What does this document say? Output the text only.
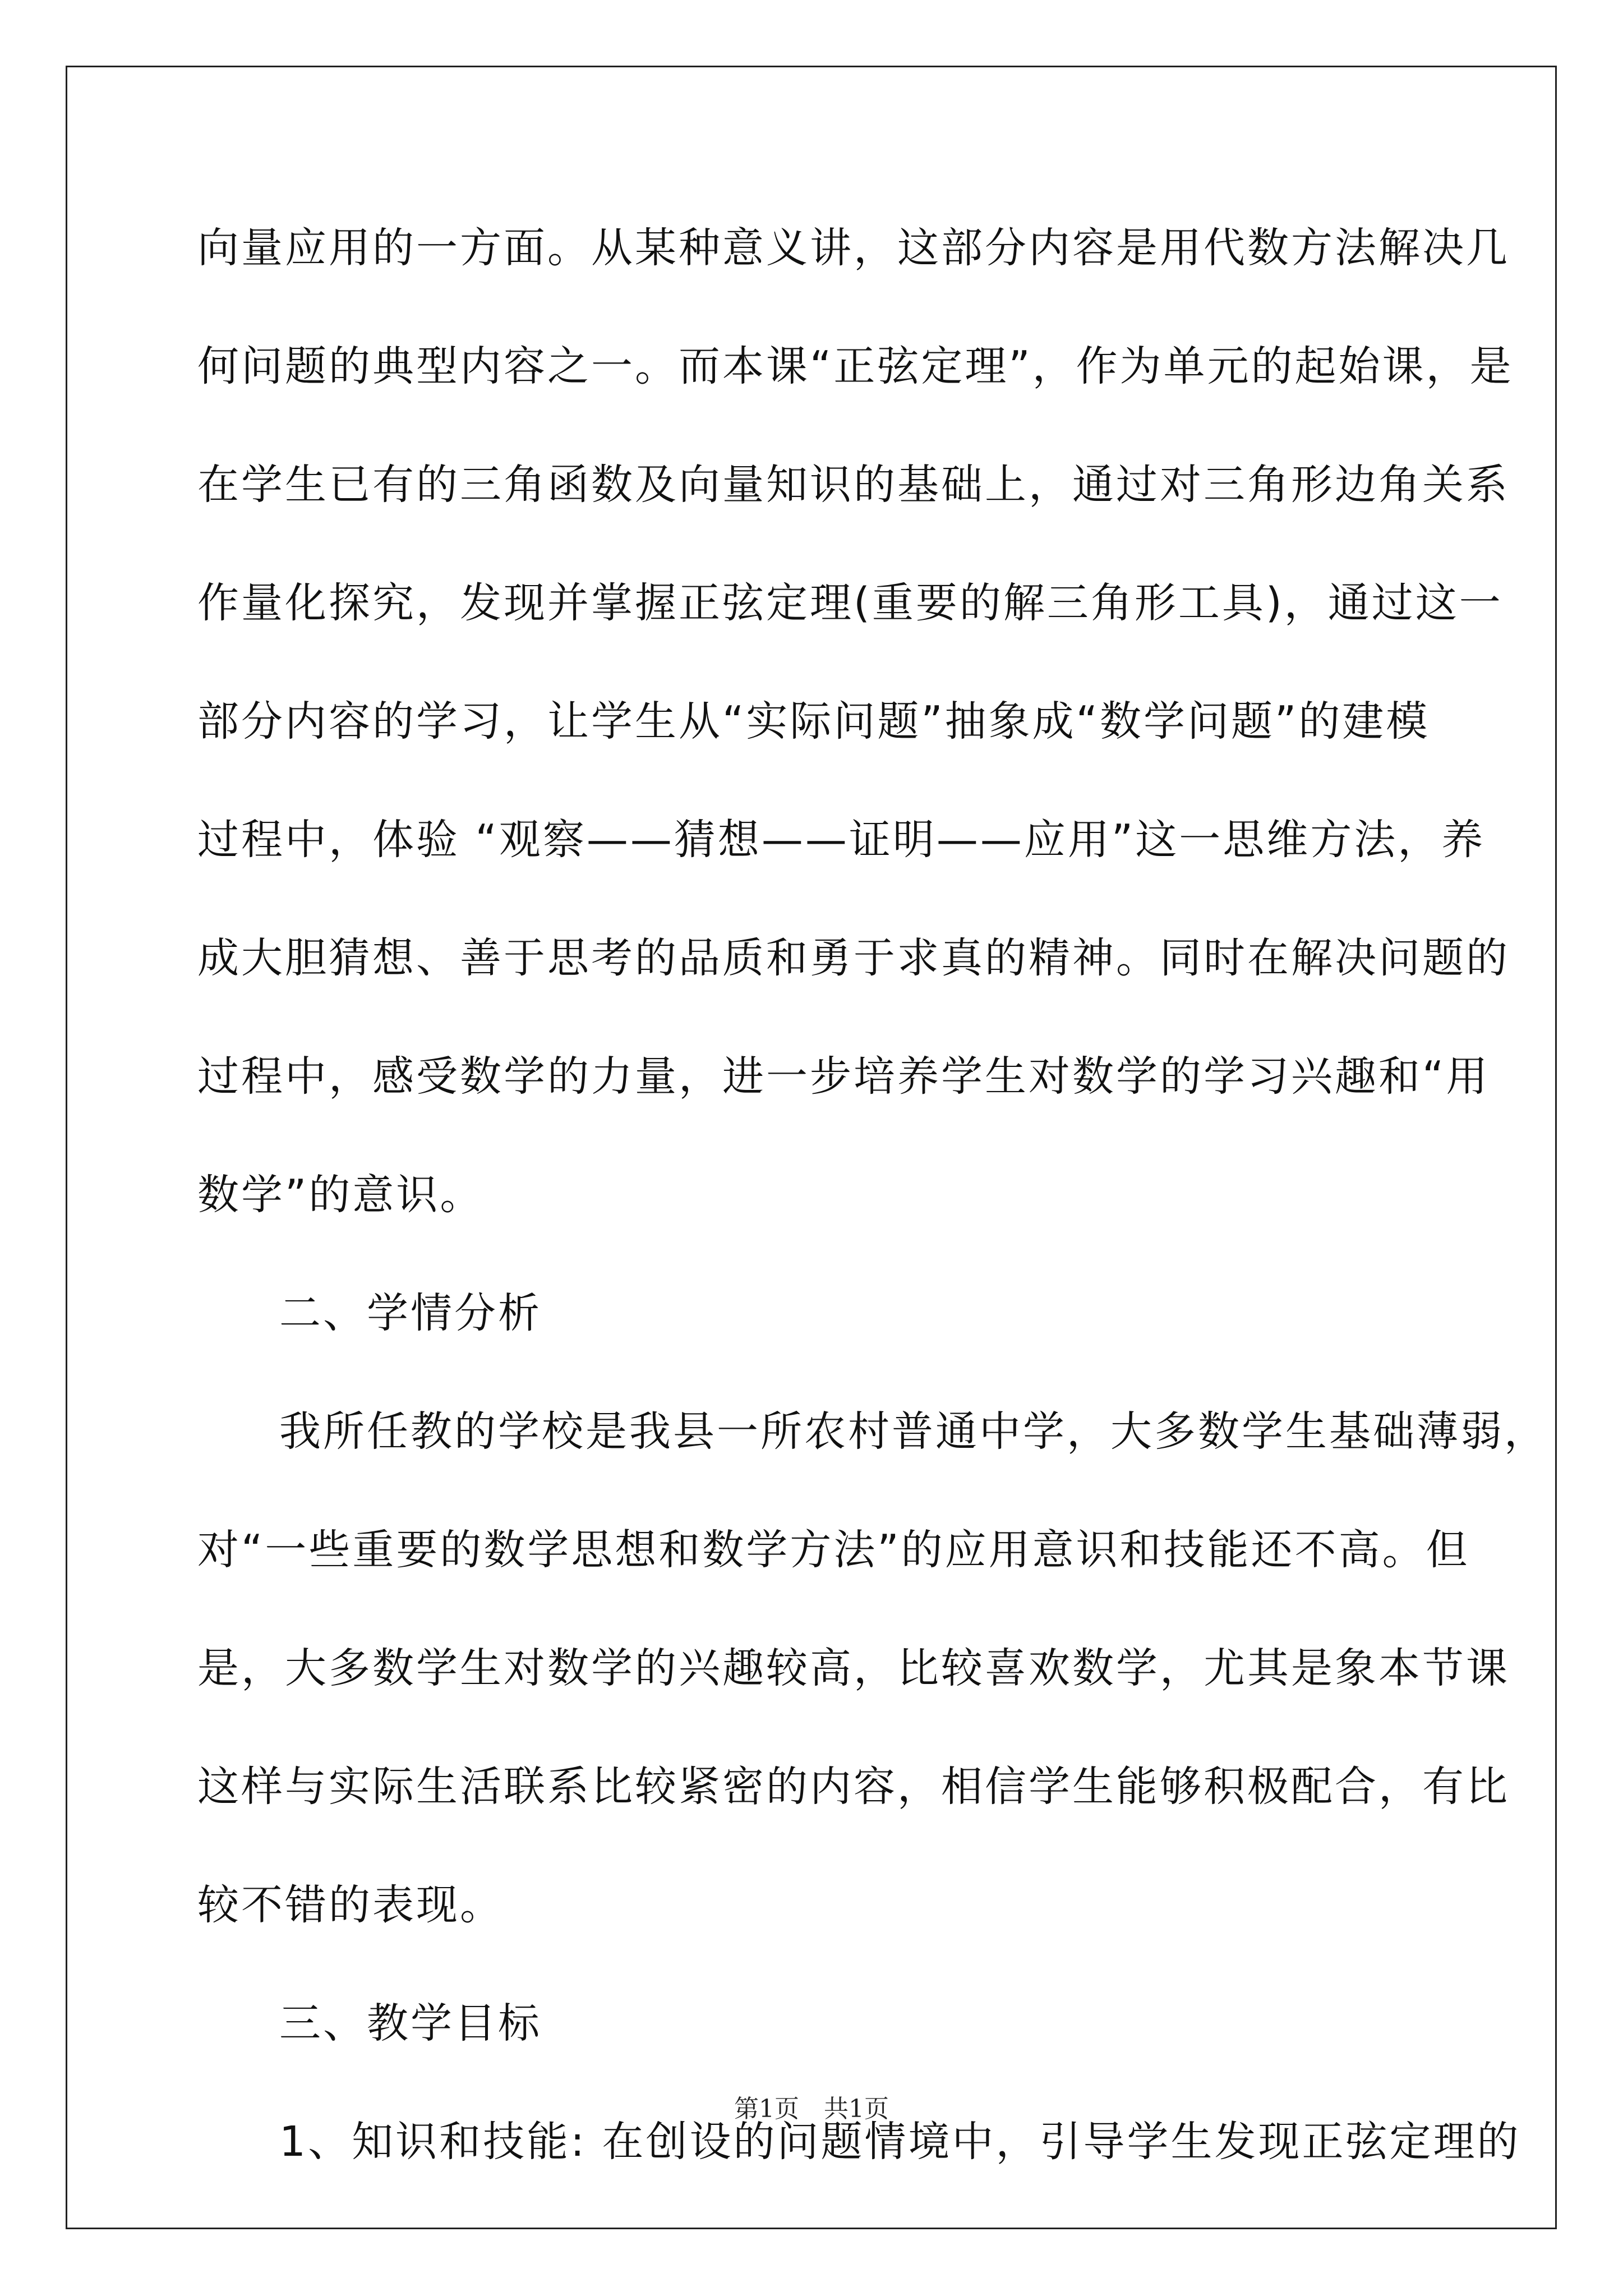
向量应用的一方面。从某种意义讲，这部分内容是用代数方法解决几
何问题的典型内容之一。而本课“正弦定理”，作为单元的起始课，是
在学生已有的三角函数及向量知识的基础上，通过对三角形边角关系
作量化探究，发现并掌握正弦定理(重要的解三角形工具)，通过这一
部分内容的学习，让学生从“实际问题”抽象成“数学问题”的建模
过程中，体验 “观察——猜想——证明——应用”这一思维方法，养
成大胆猜想、善于思考的品质和勇于求真的精神。同时在解决问题的
过程中，感受数学的力量，进一步培养学生对数学的学习兴趣和“用
数学”的意识。
二、学情分析
我所任教的学校是我县一所农村普通中学，大多数学生基础薄弱，
对“一些重要的数学思想和数学方法”的应用意识和技能还不高。但
是，大多数学生对数学的兴趣较高，比较喜欢数学，尤其是象本节课
这样与实际生活联系比较紧密的内容，相信学生能够积极配合，有比
较不错的表现。
三、教学目标
1、知识和技能: 在创设的问题情境中，引导学生发现正弦定理的
第1页　共1页
